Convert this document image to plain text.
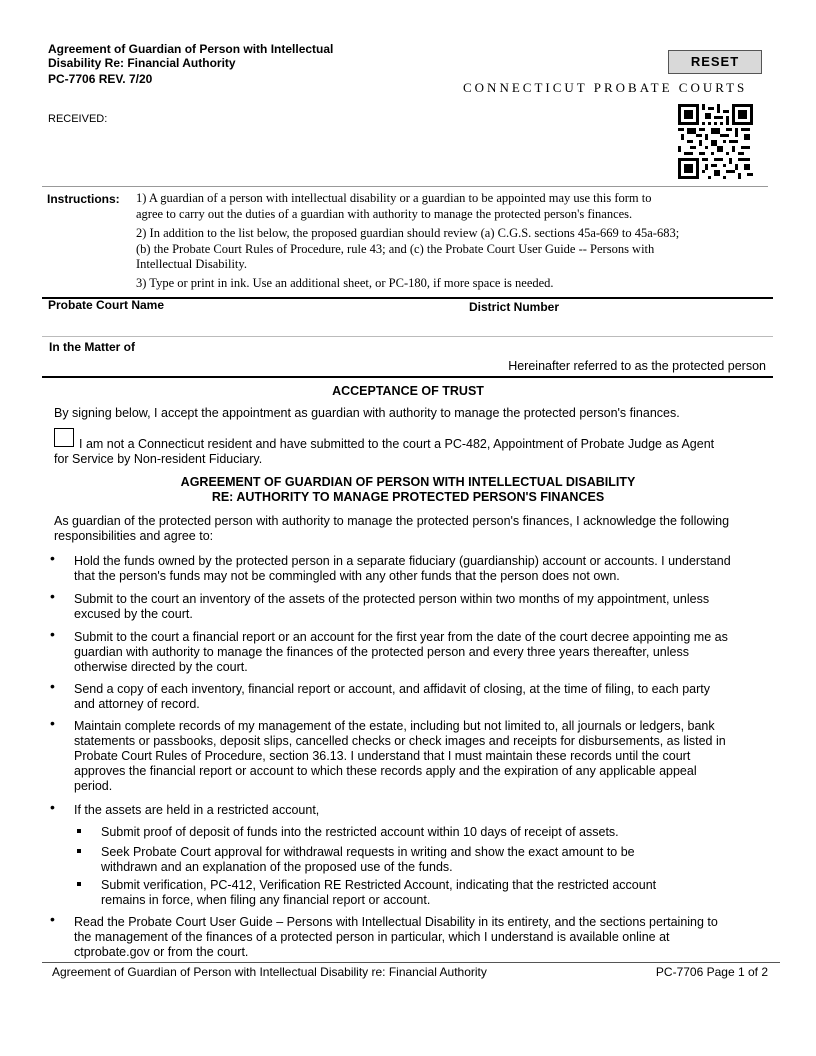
Agreement of Guardian of Person with Intellectual
Disability Re: Financial Authority
PC-7706 REV. 7/20
RESET
CONNECTICUT PROBATE COURTS
RECEIVED:
Instructions: 1) A guardian of a person with intellectual disability or a guardian to be appointed may use this form to
agree to carry out the duties of a guardian with authority to manage the protected person's finances.
2) In addition to the list below, the proposed guardian should review (a) C.G.S. sections 45a-669 to 45a-683;
(b) the Probate Court Rules of Procedure, rule 43; and (c) the Probate Court User Guide -- Persons with
Intellectual Disability.
3) Type or print in ink. Use an additional sheet, or PC-180, if more space is needed.
Probate Court Name	District Number
In the Matter of
Hereinafter referred to as the protected person
ACCEPTANCE OF TRUST
By signing below, I accept the appointment as guardian with authority to manage the protected person's finances.
I am not a Connecticut resident and have submitted to the court a PC-482, Appointment of Probate Judge as Agent
for Service by Non-resident Fiduciary.
AGREEMENT OF GUARDIAN OF PERSON WITH INTELLECTUAL DISABILITY
RE: AUTHORITY TO MANAGE PROTECTED PERSON'S FINANCES
As guardian of the protected person with authority to manage the protected person's finances, I acknowledge the following
responsibilities and agree to:
• Hold the funds owned by the protected person in a separate fiduciary (guardianship) account or accounts. I understand
that the person's funds may not be commingled with any other funds that the person does not own.
• Submit to the court an inventory of the assets of the protected person within two months of my appointment, unless
excused by the court.
• Submit to the court a financial report or an account for the first year from the date of the court decree appointing me as
guardian with authority to manage the finances of the protected person and every three years thereafter, unless
otherwise directed by the court.
• Send a copy of each inventory, financial report or account, and affidavit of closing, at the time of filing, to each party
and attorney of record.
• Maintain complete records of my management of the estate, including but not limited to, all journals or ledgers, bank
statements or passbooks, deposit slips, cancelled checks or check images and receipts for disbursements, as listed in
Probate Court Rules of Procedure, section 36.13. I understand that I must maintain these records until the court
approves the financial report or account to which these records apply and the expiration of any applicable appeal
period.
• If the assets are held in a restricted account,
Submit proof of deposit of funds into the restricted account within 10 days of receipt of assets.
Seek Probate Court approval for withdrawal requests in writing and show the exact amount to be
withdrawn and an explanation of the proposed use of the funds.
Submit verification, PC-412, Verification RE Restricted Account, indicating that the restricted account
remains in force, when filing any financial report or account.
• Read the Probate Court User Guide – Persons with Intellectual Disability in its entirety, and the sections pertaining to
the management of the finances of a protected person in particular, which I understand is available online at
ctprobate.gov or from the court.
Agreement of Guardian of Person with Intellectual Disability re: Financial Authority	PC-7706 Page 1 of 2
